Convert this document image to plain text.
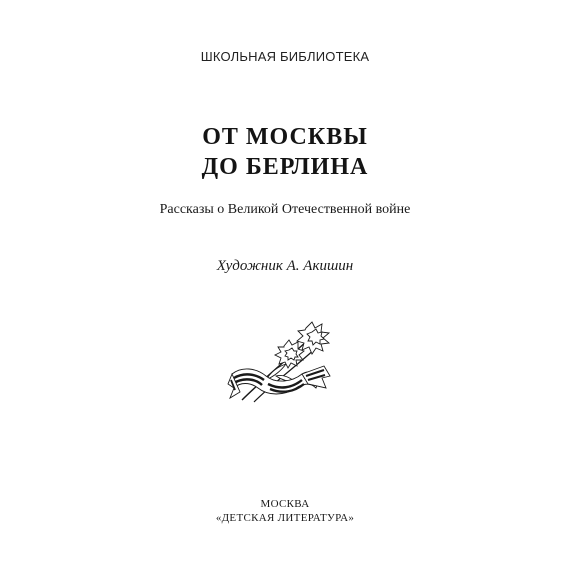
ШКОЛЬНАЯ БИБЛИОТЕКА
ОТ МОСКВЫ
ДО БЕРЛИНА
Рассказы о Великой Отечественной войне
Художник А. Акишин
МОСКВА
«ДЕТСКАЯ ЛИТЕРАТУРА»
